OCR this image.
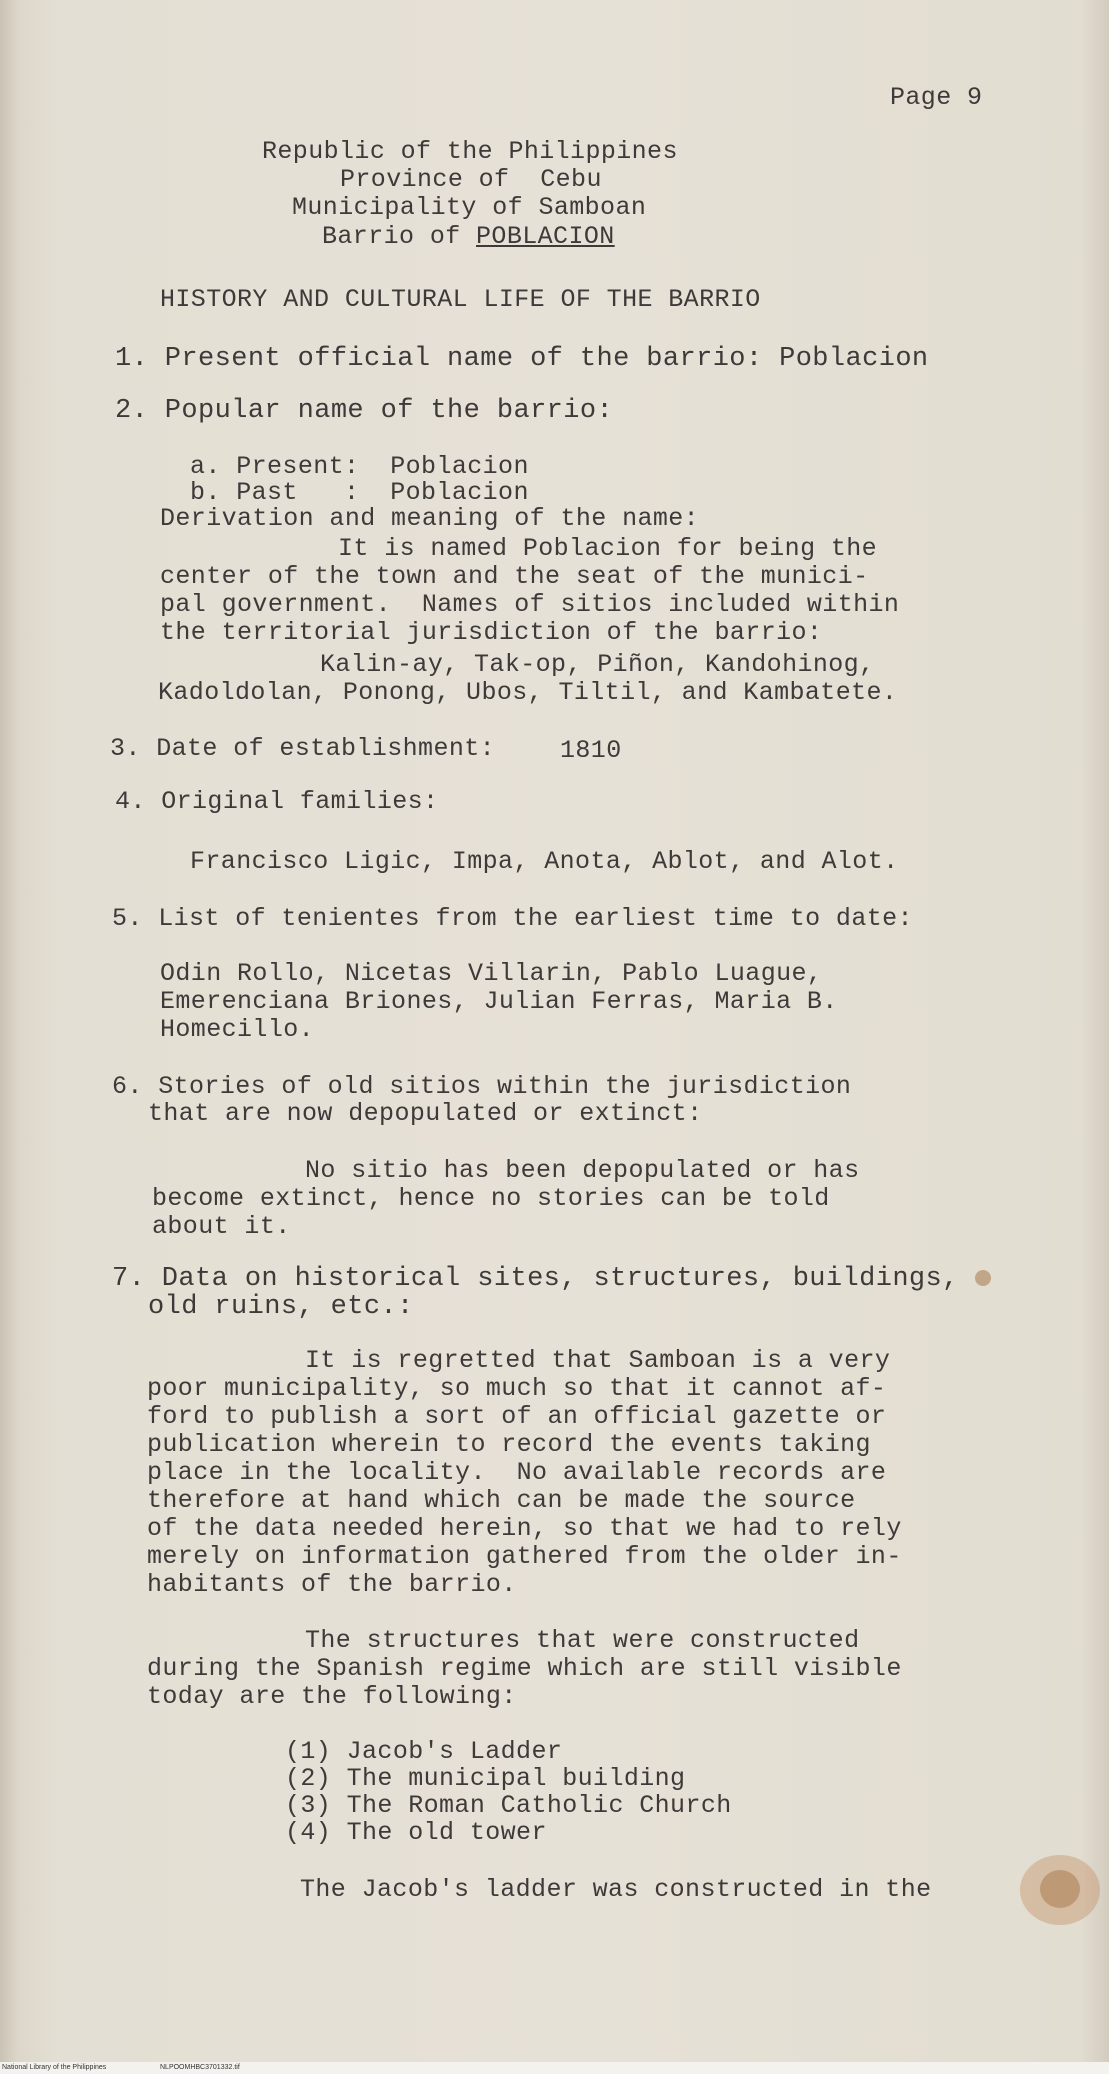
Page 9
Republic of the Philippines
Province of  Cebu
Municipality of Samboan
Barrio of POBLACION
HISTORY AND CULTURAL LIFE OF THE BARRIO
1. Present official name of the barrio: Poblacion
2. Popular name of the barrio:
a. Present:  Poblacion
b. Past   :  Poblacion
Derivation and meaning of the name:
It is named Poblacion for being the
center of the town and the seat of the munici-
pal government.  Names of sitios included within
the territorial jurisdiction of the barrio:
Kalin-ay, Tak-op, Piñon, Kandohinog,
Kadoldolan, Ponong, Ubos, Tiltil, and Kambatete.
3. Date of establishment:	1810
4. Original families:
Francisco Ligic, Impa, Anota, Ablot, and Alot.
5. List of tenientes from the earliest time to date:
Odin Rollo, Nicetas Villarin, Pablo Luague,
Emerenciana Briones, Julian Ferras, Maria B.
Homecillo.
6. Stories of old sitios within the jurisdiction
that are now depopulated or extinct:
No sitio has been depopulated or has
become extinct, hence no stories can be told
about it.
7. Data on historical sites, structures, buildings,
old ruins, etc.:
It is regretted that Samboan is a very
poor municipality, so much so that it cannot af-
ford to publish a sort of an official gazette or
publication wherein to record the events taking
place in the locality.  No available records are
therefore at hand which can be made the source
of the data needed herein, so that we had to rely
merely on information gathered from the older in-
habitants of the barrio.
The structures that were constructed
during the Spanish regime which are still visible
today are the following:
(1) Jacob's Ladder
(2) The municipal building
(3) The Roman Catholic Church
(4) The old tower
The Jacob's ladder was constructed in the
National Library of the Philippines	NLPOOMHBC3701332.tif
